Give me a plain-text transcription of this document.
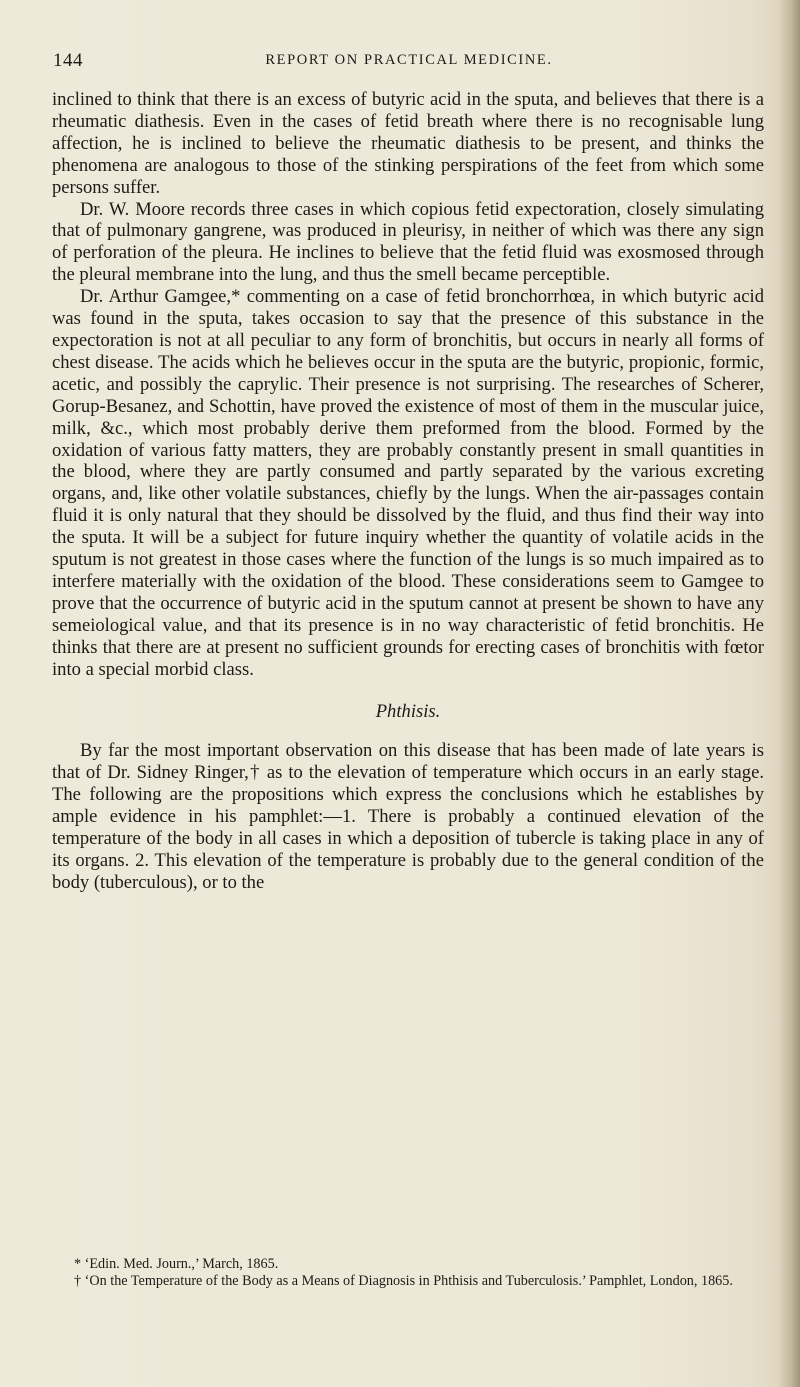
144	REPORT ON PRACTICAL MEDICINE.

inclined to think that there is an excess of butyric acid in the sputa, and believes that there is a rheumatic diathesis. Even in the cases of fetid breath where there is no recognisable lung affection, he is inclined to believe the rheumatic diathesis to be present, and thinks the phenomena are analogous to those of the stinking perspirations of the feet from which some persons suffer.

Dr. W. Moore records three cases in which copious fetid expectoration, closely simulating that of pulmonary gangrene, was produced in pleurisy, in neither of which was there any sign of perforation of the pleura. He inclines to believe that the fetid fluid was exosmosed through the pleural membrane into the lung, and thus the smell became perceptible.

Dr. Arthur Gamgee,* commenting on a case of fetid bronchorrhœa, in which butyric acid was found in the sputa, takes occasion to say that the presence of this substance in the expectoration is not at all peculiar to any form of bronchitis, but occurs in nearly all forms of chest disease. The acids which he believes occur in the sputa are the butyric, propionic, formic, acetic, and possibly the caprylic. Their presence is not surprising. The researches of Scherer, Gorup-Besanez, and Schottin, have proved the existence of most of them in the muscular juice, milk, &c., which most probably derive them preformed from the blood. Formed by the oxidation of various fatty matters, they are probably constantly present in small quantities in the blood, where they are partly consumed and partly separated by the various excreting organs, and, like other volatile substances, chiefly by the lungs. When the air-passages contain fluid it is only natural that they should be dissolved by the fluid, and thus find their way into the sputa. It will be a subject for future inquiry whether the quantity of volatile acids in the sputum is not greatest in those cases where the function of the lungs is so much impaired as to interfere materially with the oxidation of the blood. These considerations seem to Gamgee to prove that the occurrence of butyric acid in the sputum cannot at present be shown to have any semeiological value, and that its presence is in no way characteristic of fetid bronchitis. He thinks that there are at present no sufficient grounds for erecting cases of bronchitis with fœtor into a special morbid class.

Phthisis.

By far the most important observation on this disease that has been made of late years is that of Dr. Sidney Ringer,† as to the elevation of temperature which occurs in an early stage. The following are the propositions which express the conclusions which he establishes by ample evidence in his pamphlet:—1. There is probably a continued elevation of the temperature of the body in all cases in which a deposition of tubercle is taking place in any of its organs. 2. This elevation of the temperature is probably due to the general condition of the body (tuberculous), or to the

* ‘Edin. Med. Journ.,’ March, 1865.

† ‘On the Temperature of the Body as a Means of Diagnosis in Phthisis and Tuberculosis.’ Pamphlet, London, 1865.
